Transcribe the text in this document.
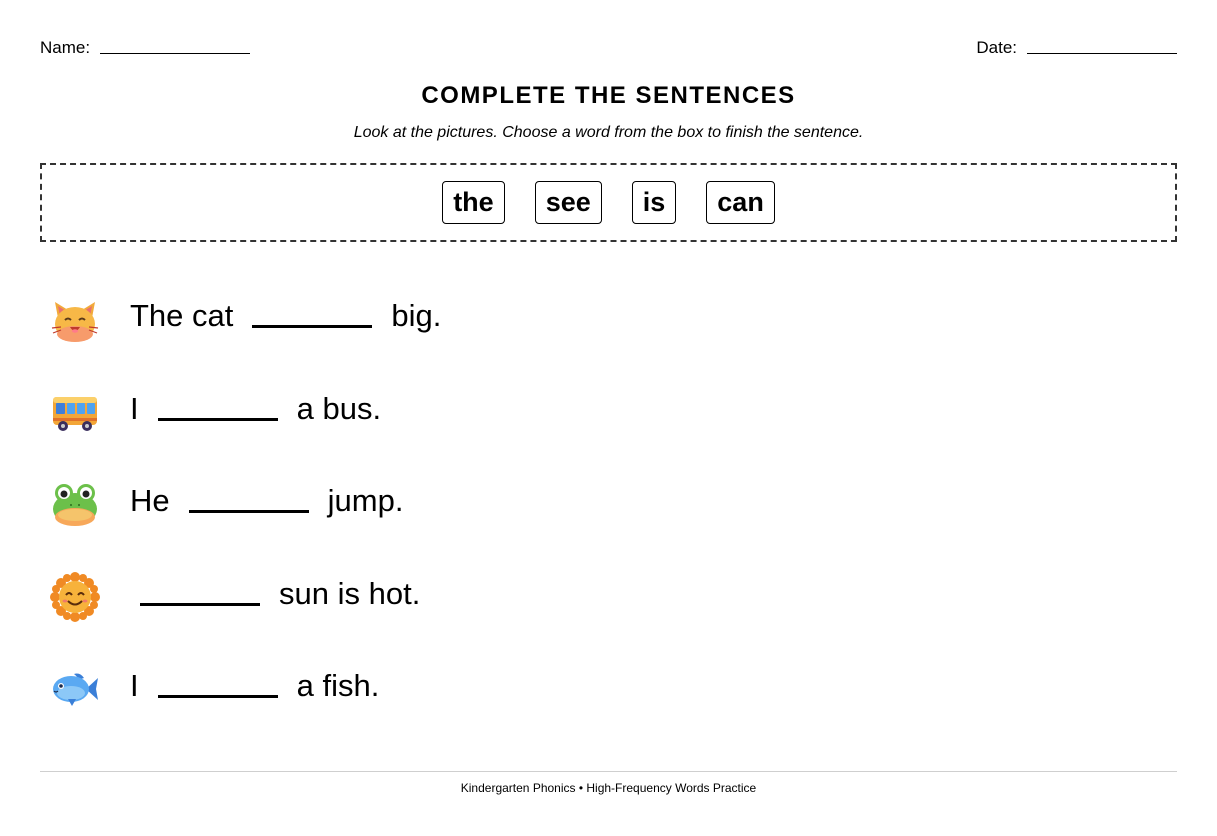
Name:	Date:
COMPLETE THE SENTENCES
Look at the pictures. Choose a word from the box to finish the sentence.
the	see	is	can
The cat	big.
I	a bus.
He	jump.
sun is hot.
I	a fish.
Kindergarten Phonics • High-Frequency Words Practice
